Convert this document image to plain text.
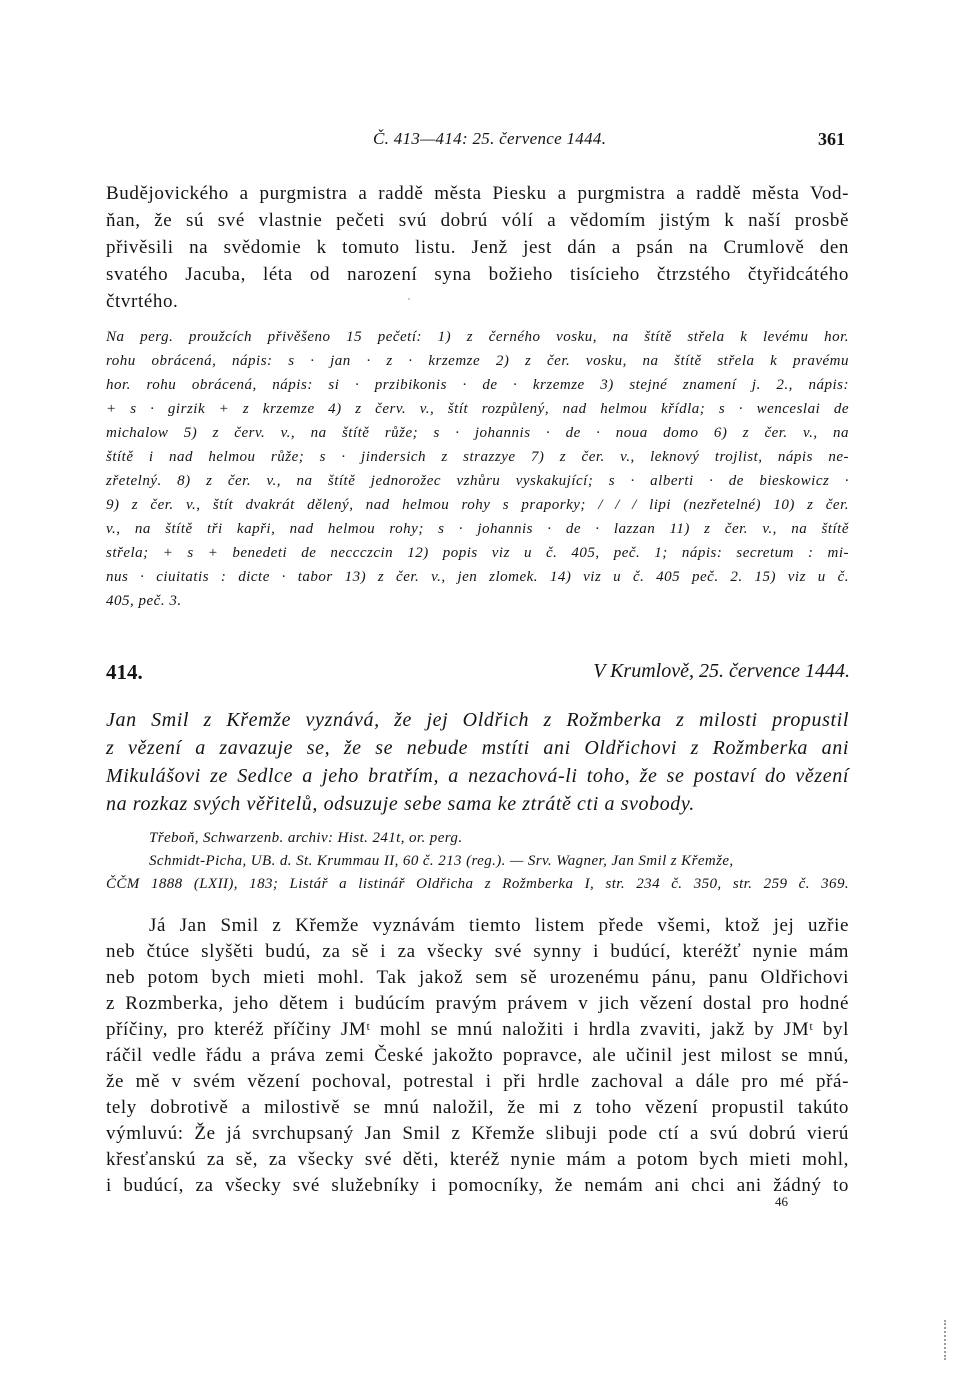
Č. 413—414: 25. července 1444.	361
Budějovického a purgmistra a raddě města Piesku a purgmistra a raddě města Vod-
ňan, že sú své vlastnie pečeti svú dobrú vólí a vědomím jistým k naší prosbě
přivěsili na svědomie k tomuto listu. Jenž jest dán a psán na Crumlově den
svatého Jacuba, léta od narození syna božieho tisícieho čtrzstého čtyřidcátého
čtvrtého.
Na perg. proužcích přivěšeno 15 pečetí: 1) z černého vosku, na štítě střela k levému hor.
rohu obrácená, nápis: s · jan · z · krzemze 2) z čer. vosku, na štítě střela k pravému
hor. rohu obrácená, nápis: si · przibikonis · de · krzemze 3) stejné znamení j. 2., nápis:
+ s · girzik + z krzemze 4) z červ. v., štít rozpůlený, nad helmou křídla; s · wenceslai de
michalow 5) z červ. v., na štítě růže; s · johannis · de · noua domo 6) z čer. v., na
štítě i nad helmou růže; s · jindersich z strazzye 7) z čer. v., leknový trojlist, nápis ne-
zřetelný. 8) z čer. v., na štítě jednorožec vzhůru vyskakující; s · alberti · de bieskowicz ·
9) z čer. v., štít dvakrát dělený, nad helmou rohy s praporky; / / / lipi (nezřetelné) 10) z čer.
v., na štítě tři kapři, nad helmou rohy; s · johannis · de · lazzan 11) z čer. v., na štítě
střela; + s + benedeti de neccczcin 12) popis viz u č. 405, peč. 1; nápis: secretum : mi-
nus · ciuitatis : dicte · tabor 13) z čer. v., jen zlomek. 14) viz u č. 405 peč. 2. 15) viz u č.
405, peč. 3.
414.	V Krumlově, 25. července 1444.
Jan Smil z Křemže vyznává, že jej Oldřich z Rožmberka z milosti propustil
z vězení a zavazuje se, že se nebude mstíti ani Oldřichovi z Rožmberka ani
Mikulášovi ze Sedlce a jeho bratřím, a nezachová-li toho, že se postaví do vězení
na rozkaz svých věřitelů, odsuzuje sebe sama ke ztrátě cti a svobody.
Třeboň, Schwarzenb. archiv: Hist. 241t, or. perg.
Schmidt-Picha, UB. d. St. Krummau II, 60 č. 213 (reg.). — Srv. Wagner, Jan Smil z Křemže,
ČČM 1888 (LXII), 183; Listář a listinář Oldřicha z Rožmberka I, str. 234 č. 350, str. 259 č. 369.
Já Jan Smil z Křemže vyznávám tiemto listem přede všemi, ktož jej uzřie
neb čtúce slyšěti budú, za sě i za všecky své synny i budúcí, kteréžť nynie mám
neb potom bych mieti mohl. Tak jakož sem sě urozenému pánu, panu Oldřichovi
z Rozmberka, jeho dětem i budúcím pravým právem v jich vězení dostal pro hodné
příčiny, pro kteréž příčiny JMᵗ mohl se mnú naložiti i hrdla zvaviti, jakž by JMᵗ byl
ráčil vedle řádu a práva zemi České jakožto popravce, ale učinil jest milost se mnú,
že mě v svém vězení pochoval, potrestal i při hrdle zachoval a dále pro mé přá-
tely dobrotivě a milostivě se mnú naložil, že mi z toho vězení propustil takúto
výmluvú: Že já svrchupsaný Jan Smil z Křemže slibuji pode ctí a svú dobrú vierú
křesťanskú za sě, za všecky své děti, kteréž nynie mám a potom bych mieti mohl,
i budúcí, za všecky své služebníky i pomocníky, že nemám ani chci ani žádný to
46
